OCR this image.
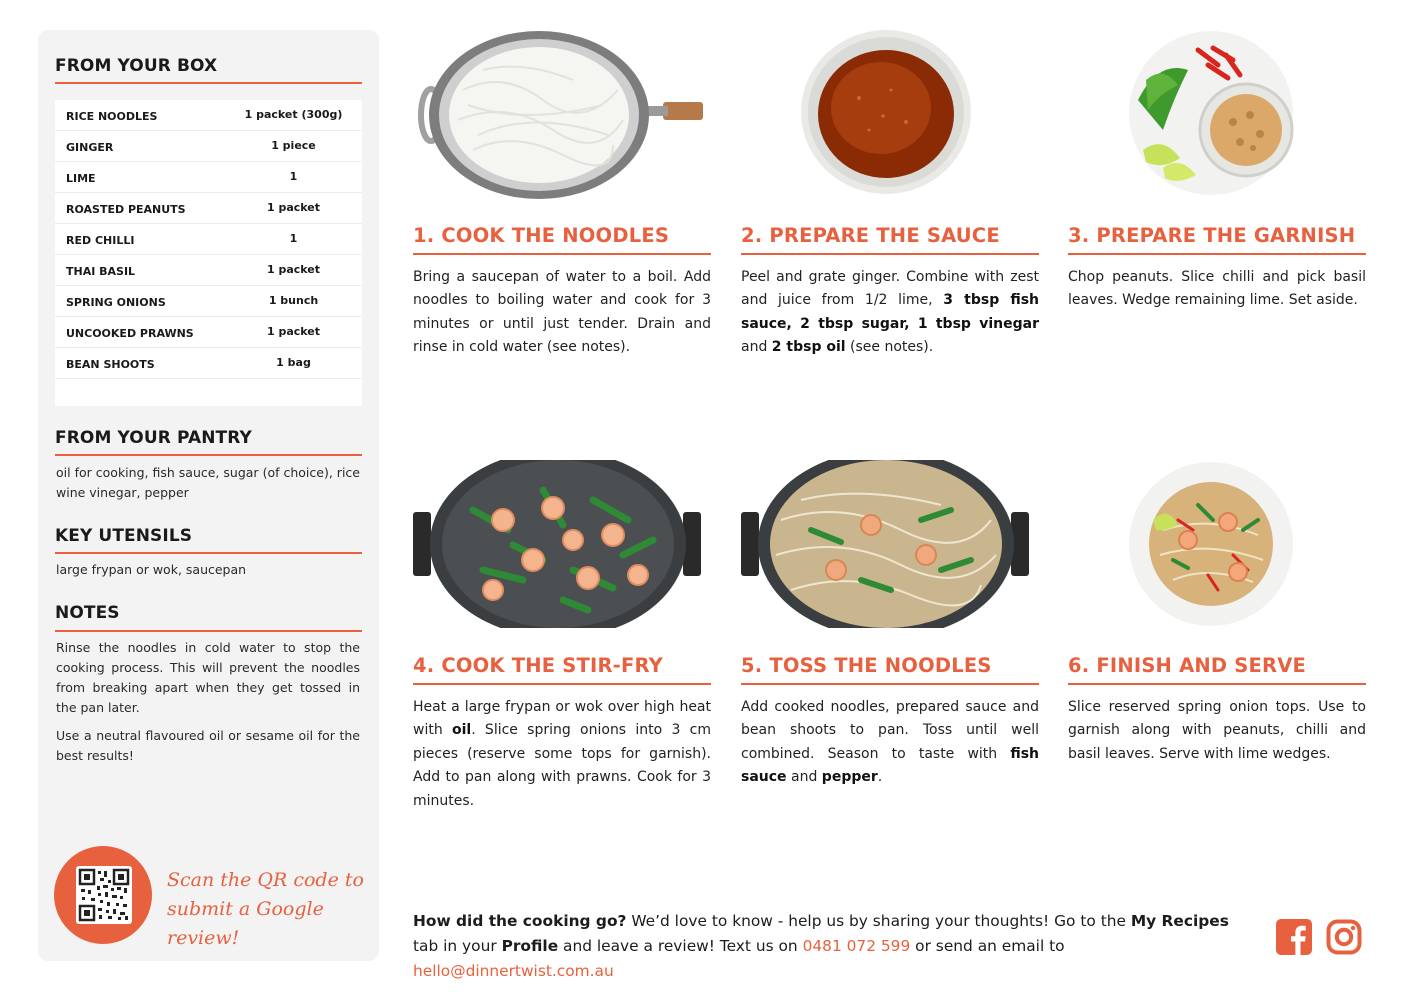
FROM YOUR BOX
RICE NOODLES	1 packet (300g)
GINGER	1 piece
LIME	1
ROASTED PEANUTS	1 packet
RED CHILLI	1
THAI BASIL	1 packet
SPRING ONIONS	1 bunch
UNCOOKED PRAWNS	1 packet
BEAN SHOOTS	1 bag
FROM YOUR PANTRY
oil for cooking, fish sauce, sugar (of choice), rice wine vinegar, pepper
KEY UTENSILS
large frypan or wok, saucepan
NOTES
Rinse the noodles in cold water to stop the cooking process. This will prevent the noodles from breaking apart when they get tossed in the pan later.
Use a neutral flavoured oil or sesame oil for the best results!
Scan the QR code to submit a Google review!
1. COOK THE NOODLES
Bring a saucepan of water to a boil. Add noodles to boiling water and cook for 3 minutes or until just tender. Drain and rinse in cold water (see notes).
2. PREPARE THE SAUCE
Peel and grate ginger. Combine with zest and juice from 1/2 lime, 3 tbsp fish sauce, 2 tbsp sugar, 1 tbsp vinegar and 2 tbsp oil (see notes).
3. PREPARE THE GARNISH
Chop peanuts. Slice chilli and pick basil leaves. Wedge remaining lime. Set aside.
4. COOK THE STIR-FRY
Heat a large frypan or wok over high heat with oil. Slice spring onions into 3 cm pieces (reserve some tops for garnish). Add to pan along with prawns. Cook for 3 minutes.
5. TOSS THE NOODLES
Add cooked noodles, prepared sauce and bean shoots to pan. Toss until well combined. Season to taste with fish sauce and pepper.
6. FINISH AND SERVE
Slice reserved spring onion tops. Use to garnish along with peanuts, chilli and basil leaves. Serve with lime wedges.
How did the cooking go? We’d love to know - help us by sharing your thoughts! Go to the My Recipes tab in your Profile and leave a review! Text us on 0481 072 599 or send an email to hello@dinnertwist.com.au
